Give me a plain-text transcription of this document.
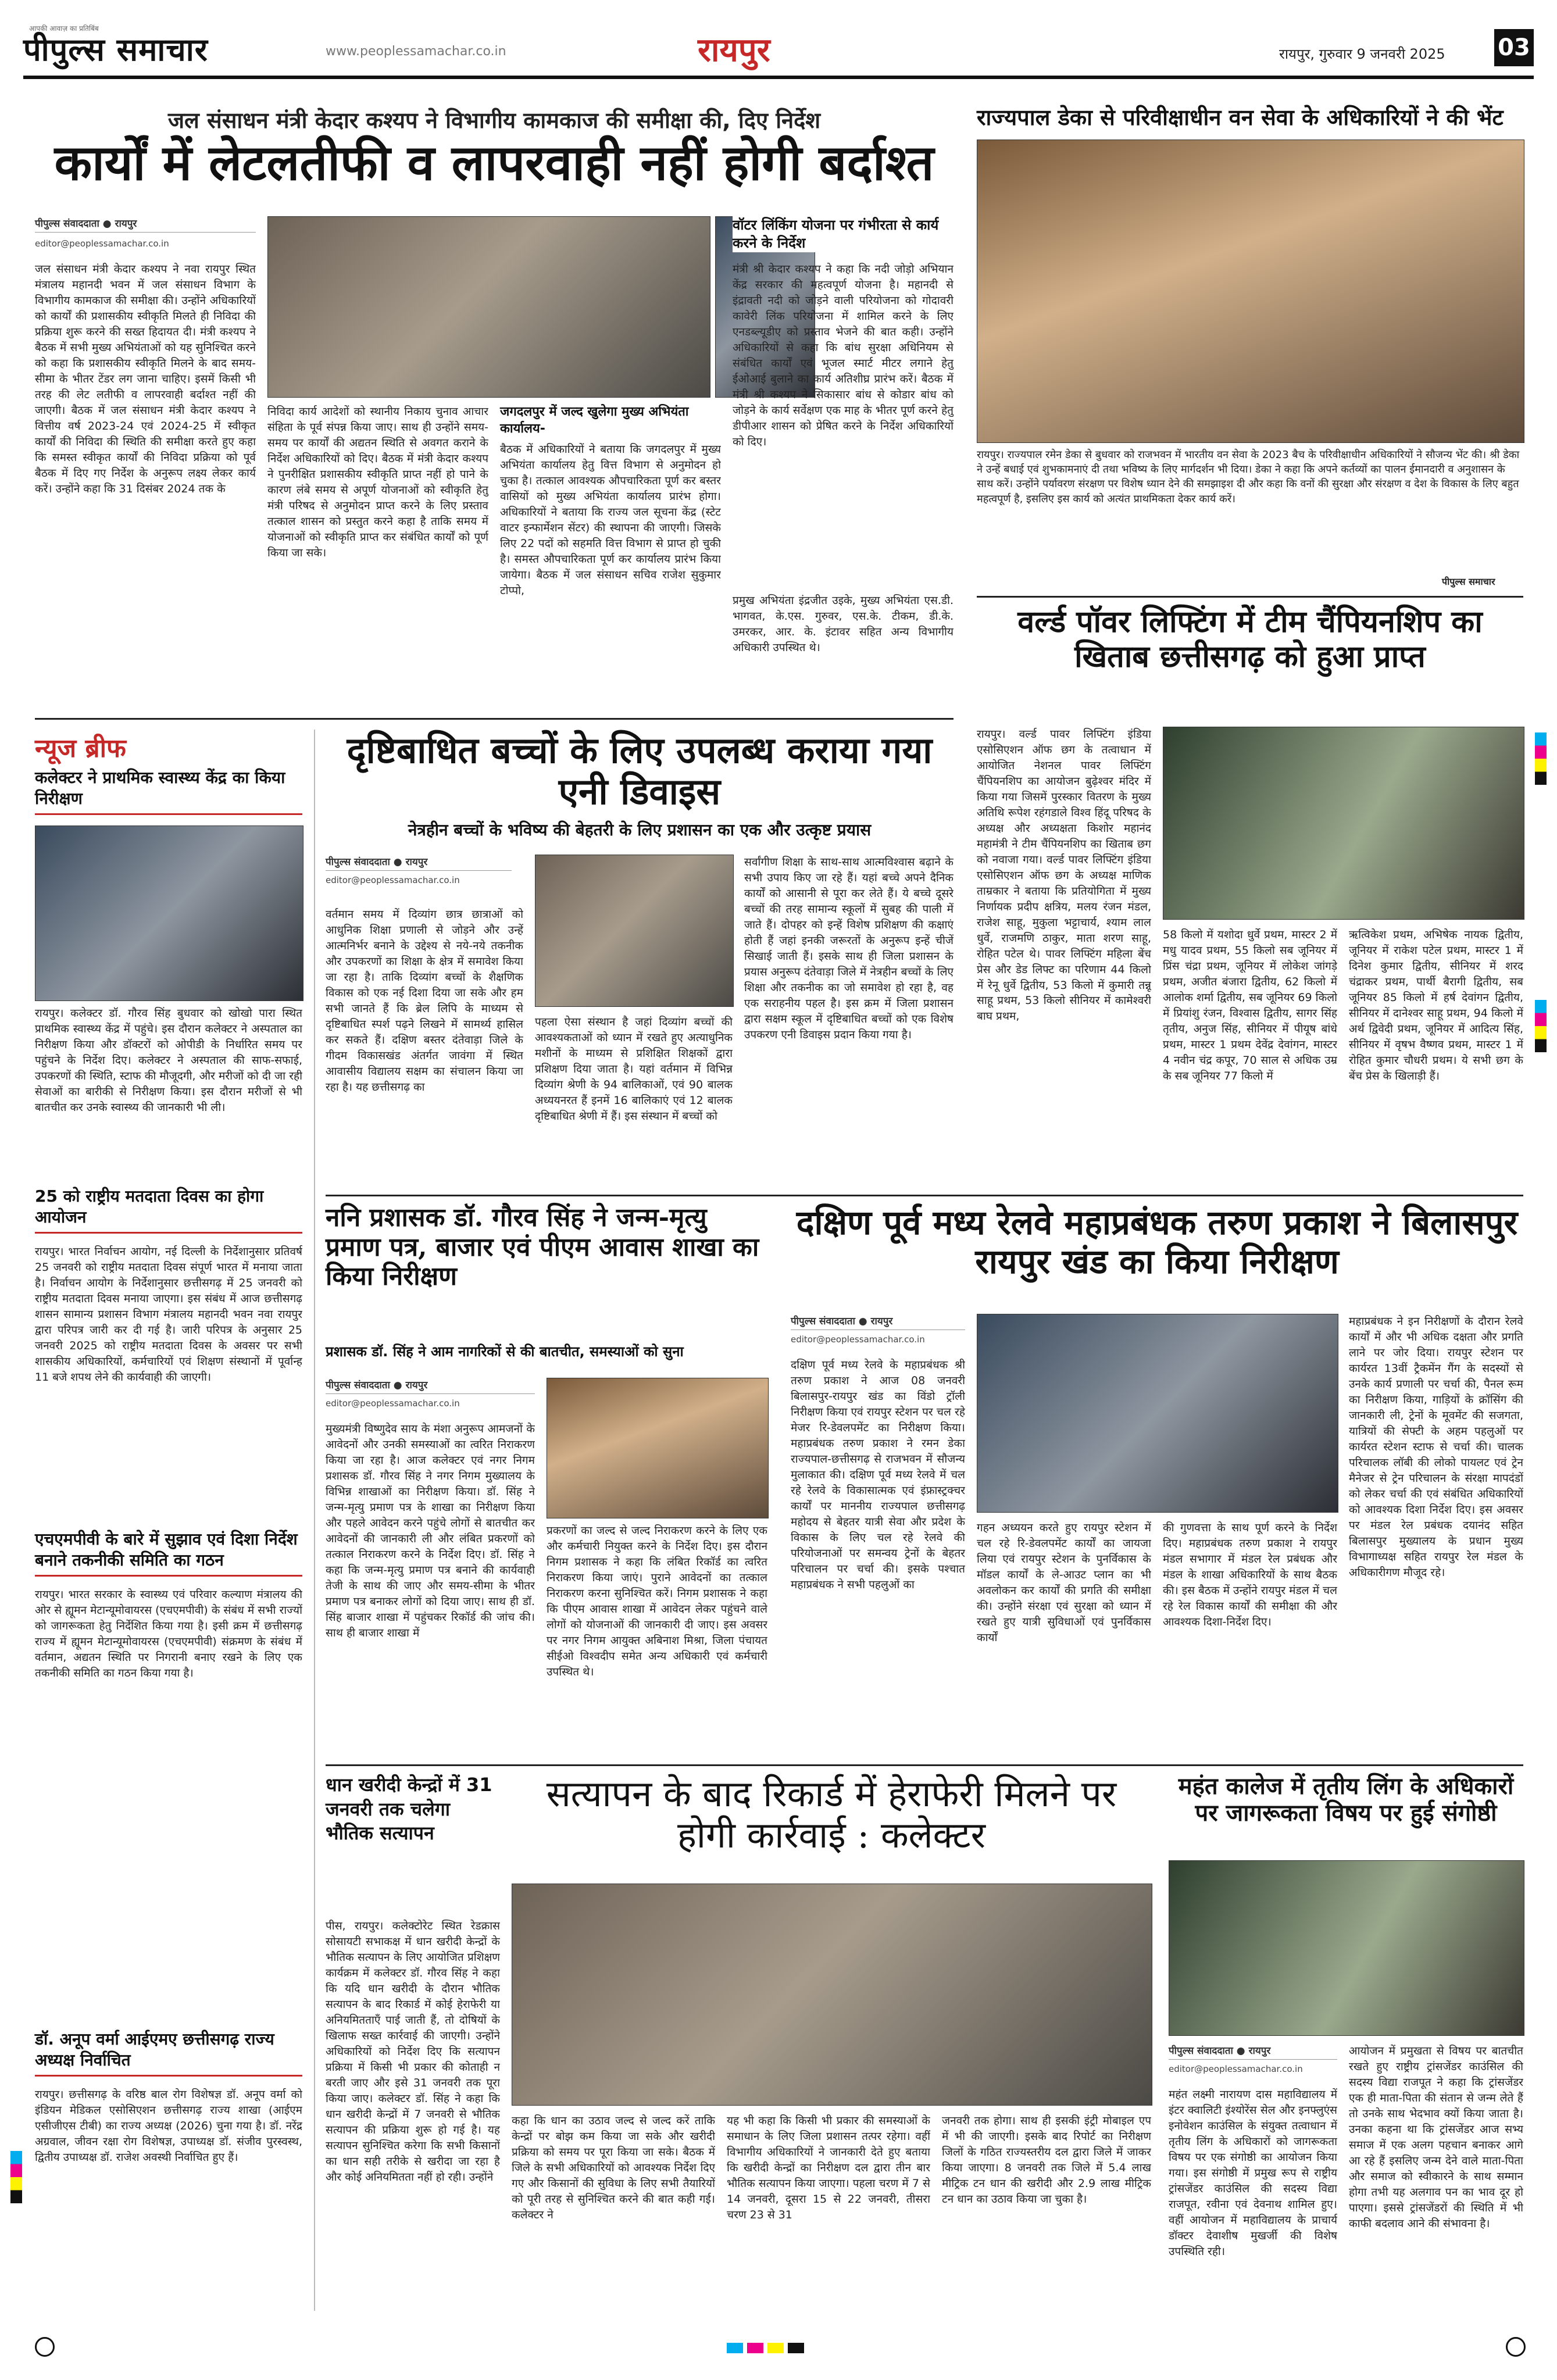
आपकी आवाज़ का प्रतिबिंब
पीपुल्स समाचार	www.peoplessamachar.co.in	रायपुर	रायपुर, गुरुवार 9 जनवरी 2025 03
जल संसाधन मंत्री केदार कश्यप ने विभागीय कामकाज की समीक्षा की, दिए निर्देश
कार्यों में लेटलतीफी व लापरवाही नहीं होगी बर्दाश्त
पीपुल्स संवाददाता ● रायपुर
editor@peoplessamachar.co.in
जल संसाधन मंत्री केदार कश्यप ने नवा रायपुर स्थित मंत्रालय महानदी भवन में जल संसाधन विभाग के विभागीय कामकाज की समीक्षा की। उन्होंने अधिकारियों को कार्यों की प्रशासकीय स्वीकृति मिलते ही निविदा की प्रक्रिया शुरू करने की सख्त हिदायत दी। मंत्री कश्यप ने बैठक में सभी मुख्य अभियंताओं को यह सुनिश्चित करने को कहा कि प्रशासकीय स्वीकृति मिलने के बाद समय-सीमा के भीतर टेंडर लग जाना चाहिए। इसमें किसी भी तरह की लेट लतीफी व लापरवाही बर्दाश्त नहीं की जाएगी। बैठक में जल संसाधन मंत्री केदार कश्यप ने वित्तीय वर्ष 2023-24 एवं 2024-25 में स्वीकृत कार्यों की निविदा की स्थिति की समीक्षा करते हुए कहा कि समस्त स्वीकृत कार्यों की निविदा प्रक्रिया को पूर्व बैठक में दिए गए निर्देश के अनुरूप लक्ष्य लेकर कार्य करें। उन्होंने कहा कि 31 दिसंबर 2024 तक के
निविदा कार्य आदेशों को स्थानीय निकाय चुनाव आचार संहिता के पूर्व संपन्न किया जाए। साथ ही उन्होंने समय-समय पर कार्यों की अद्यतन स्थिति से अवगत कराने के निर्देश अधिकारियों को दिए। बैठक में मंत्री केदार कश्यप ने पुनरीक्षित प्रशासकीय स्वीकृति प्राप्त नहीं हो पाने के कारण लंबे समय से अपूर्ण योजनाओं को स्वीकृति हेतु मंत्री परिषद से अनुमोदन प्राप्त करने के लिए प्रस्ताव तत्काल शासन को प्रस्तुत करने कहा है ताकि समय में योजनाओं को स्वीकृति प्राप्त कर संबंधित कार्यों को पूर्ण किया जा सके।
जगदलपुर में जल्द खुलेगा मुख्य अभियंता कार्यालय-
बैठक में अधिकारियों ने बताया कि जगदलपुर में मुख्य अभियंता कार्यालय हेतु वित्त विभाग से अनुमोदन हो चुका है। तत्काल आवश्यक औपचारिकता पूर्ण कर बस्तर वासियों को मुख्य अभियंता कार्यालय प्रारंभ होगा। अधिकारियों ने बताया कि राज्य जल सूचना केंद्र (स्टेट वाटर इन्फार्मेशन सेंटर) की स्थापना की जाएगी। जिसके लिए 22 पदों को सहमति वित्त विभाग से प्राप्त हो चुकी है। समस्त औपचारिकता पूर्ण कर कार्यालय प्रारंभ किया जायेगा। बैठक में जल संसाधन सचिव राजेश सुकुमार टोप्पो,
वॉटर लिंकिंग योजना पर गंभीरता से कार्य करने के निर्देश
मंत्री श्री केदार कश्यप ने कहा कि नदी जोड़ो अभियान केंद्र सरकार की महत्वपूर्ण योजना है। महानदी से इंद्रावती नदी को जोड़ने वाली परियोजना को गोदावरी कावेरी लिंक परियोजना में शामिल करने के लिए एनडब्ल्यूडीए को प्रस्ताव भेजने की बात कही। उन्होंने अधिकारियों से कहा कि बांध सुरक्षा अधिनियम से संबंधित कार्यों एवं भूजल स्मार्ट मीटर लगाने हेतु ईओआई बुलाने का कार्य अतिशीघ्र प्रारंभ करें। बैठक में मंत्री श्री कश्यप ने सिकासार बांध से कोडार बांध को जोड़ने के कार्य सर्वेक्षण एक माह के भीतर पूर्ण करने हेतु डीपीआर शासन को प्रेषित करने के निर्देश अधिकारियों को दिए।
प्रमुख अभियंता इंद्रजीत उइके, मुख्य अभियंता एस.डी. भागवत, के.एस. गुरुवर, एस.के. टीकम, डी.के. उमरकर, आर. के. इंटावर सहित अन्य विभागीय अधिकारी उपस्थित थे।
राज्यपाल डेका से परिवीक्षाधीन वन सेवा के अधिकारियों ने की भेंट
रायपुर। राज्यपाल रमेन डेका से बुधवार को राजभवन में भारतीय वन सेवा के 2023 बैच के परिवीक्षाधीन अधिकारियों ने सौजन्य भेंट की। श्री डेका ने उन्हें बधाई एवं शुभकामनाएं दी तथा भविष्य के लिए मार्गदर्शन भी दिया। डेका ने कहा कि अपने कर्तव्यों का पालन ईमानदारी व अनुशासन के साथ करें। उन्होंने पर्यावरण संरक्षण पर विशेष ध्यान देने की समझाइश दी और कहा कि वनों की सुरक्षा और संरक्षण व देश के विकास के लिए बहुत महत्वपूर्ण है, इसलिए इस कार्य को अत्यंत प्राथमिकता देकर कार्य करें।
पीपुल्स समाचार
वर्ल्ड पॉवर लिफ्टिंग में टीम चैंपियनशिप का खिताब छत्तीसगढ़ को हुआ प्राप्त
रायपुर। वर्ल्ड पावर लिफ्टिंग इंडिया एसोसिएशन ऑफ छग के तत्वाधान में आयोजित नेशनल पावर लिफ्टिंग चैंपियनशिप का आयोजन बुढ़ेश्वर मंदिर में किया गया जिसमें पुरस्कार वितरण के मुख्य अतिथि रूपेश रहंगडाले विश्व हिंदू परिषद के अध्यक्ष और अध्यक्षता किशोर महानंद महामंत्री ने टीम चैंपियनशिप का खिताब छग को नवाजा गया। वर्ल्ड पावर लिफ्टिंग इंडिया एसोसिएशन ऑफ छग के अध्यक्ष माणिक ताम्रकार ने बताया कि प्रतियोगिता में मुख्य निर्णायक प्रदीप क्षत्रिय, मलय रंजन मंडल, राजेश साहू, मुकुला भट्टाचार्य, श्याम लाल धुर्वे, राजमणि ठाकुर, माता शरण साहू, रोहित पटेल थे। पावर लिफ्टिंग महिला बेंच प्रेस और डेड लिफ्ट का परिणाम 44 किलो में रेनू धुर्वे द्वितीय, 53 किलो में कुमारी तन्नू साहू प्रथम, 53 किलो सीनियर में कामेश्वरी बाघ प्रथम,
58 किलो में यशोदा धुर्वे प्रथम, मास्टर 2 में मधु यादव प्रथम, 55 किलो सब जूनियर में प्रिंस चंद्रा प्रथम, जूनियर में लोकेश जांगड़े प्रथम, अजीत बंजारा द्वितीय, 62 किलो में आलोक शर्मा द्वितीय, सब जूनियर 69 किलो में प्रियांशु रंजन, विश्वास द्वितीय, सागर सिंह तृतीय, अनुज सिंह, सीनियर में पीयूष बांधे प्रथम, मास्टर 1 प्रथम देवेंद्र देवांगन, मास्टर 4 नवीन चंद्र कपूर, 70 साल से अधिक उम्र के सब जूनियर 77 किलो में
ऋत्विकेश प्रथम, अभिषेक नायक द्वितीय, जूनियर में राकेश पटेल प्रथम, मास्टर 1 में दिनेश कुमार द्वितीय, सीनियर में शरद चंद्राकर प्रथम, पार्थी बैरागी द्वितीय, सब जूनियर 85 किलो में हर्ष देवांगन द्वितीय, सीनियर में दानेश्वर साहू प्रथम, 94 किलो में अर्थ द्विवेदी प्रथम, जूनियर में आदित्य सिंह, सीनियर में वृषभ वैष्णव प्रथम, मास्टर 1 में रोहित कुमार चौधरी प्रथम। ये सभी छग के बेंच प्रेस के खिलाड़ी हैं।
न्यूज ब्रीफ
कलेक्टर ने प्राथमिक स्वास्थ्य केंद्र का किया निरीक्षण
रायपुर। कलेक्टर डॉ. गौरव सिंह बुधवार को खोखो पारा स्थित प्राथमिक स्वास्थ्य केंद्र में पहुंचे। इस दौरान कलेक्टर ने अस्पताल का निरीक्षण किया और डॉक्टरों को ओपीडी के निर्धारित समय पर पहुंचने के निर्देश दिए। कलेक्टर ने अस्पताल की साफ-सफाई, उपकरणों की स्थिति, स्टाफ की मौजूदगी, और मरीजों को दी जा रही सेवाओं का बारीकी से निरीक्षण किया। इस दौरान मरीजों से भी बातचीत कर उनके स्वास्थ्य की जानकारी भी ली।
25 को राष्ट्रीय मतदाता दिवस का होगा आयोजन
रायपुर। भारत निर्वाचन आयोग, नई दिल्ली के निर्देशानुसार प्रतिवर्ष 25 जनवरी को राष्ट्रीय मतदाता दिवस संपूर्ण भारत में मनाया जाता है। निर्वाचन आयोग के निर्देशानुसार छत्तीसगढ़ में 25 जनवरी को राष्ट्रीय मतदाता दिवस मनाया जाएगा। इस संबंध में आज छत्तीसगढ़ शासन सामान्य प्रशासन विभाग मंत्रालय महानदी भवन नवा रायपुर द्वारा परिपत्र जारी कर दी गई है। जारी परिपत्र के अनुसार 25 जनवरी 2025 को राष्ट्रीय मतदाता दिवस के अवसर पर सभी शासकीय अधिकारियों, कर्मचारियों एवं शिक्षण संस्थानों में पूर्वान्ह 11 बजे शपथ लेने की कार्यवाही की जाएगी।
एचएमपीवी के बारे में सुझाव एवं दिशा निर्देश बनाने तकनीकी समिति का गठन
रायपुर। भारत सरकार के स्वास्थ्य एवं परिवार कल्याण मंत्रालय की ओर से ह्यूमन मेटान्यूमोवायरस (एचएमपीवी) के संबंध में सभी राज्यों को जागरूकता हेतु निर्देशित किया गया है। इसी क्रम में छत्तीसगढ़ राज्य में ह्यूमन मेटान्यूमोवायरस (एचएमपीवी) संक्रमण के संबंध में वर्तमान, अद्यतन स्थिति पर निगरानी बनाए रखने के लिए एक तकनीकी समिति का गठन किया गया है।
डॉ. अनूप वर्मा आईएमए छत्तीसगढ़ राज्य अध्यक्ष निर्वाचित
रायपुर। छत्तीसगढ़ के वरिष्ठ बाल रोग विशेषज्ञ डॉ. अनूप वर्मा को इंडियन मेडिकल एसोसिएशन छत्तीसगढ़ राज्य शाखा (आईएम एसीजीएस टीबी) का राज्य अध्यक्ष (2026) चुना गया है। डॉ. नरेंद्र अग्रवाल, जीवन रक्षा रोग विशेषज्ञ, उपाध्यक्ष डॉ. संजीव पुरस्वस्थ, द्वितीय उपाध्यक्ष डॉ. राजेश अवस्थी निर्वाचित हुए हैं।
दृष्टिबाधित बच्चों के लिए उपलब्ध कराया गया एनी डिवाइस
नेत्रहीन बच्चों के भविष्य की बेहतरी के लिए प्रशासन का एक और उत्कृष्ट प्रयास
पीपुल्स संवाददाता ● रायपुर
editor@peoplessamachar.co.in
वर्तमान समय में दिव्यांग छात्र छात्राओं को आधुनिक शिक्षा प्रणाली से जोड़ने और उन्हें आत्मनिर्भर बनाने के उद्देश्य से नये-नये तकनीक और उपकरणों का शिक्षा के क्षेत्र में समावेश किया जा रहा है। ताकि दिव्यांग बच्चों के शैक्षणिक विकास को एक नई दिशा दिया जा सके और हम सभी जानते हैं कि ब्रेल लिपि के माध्यम से दृष्टिबाधित स्पर्श पढ़ने लिखने में सामर्थ्य हासिल कर सकते हैं। दक्षिण बस्तर दंतेवाड़ा जिले के गीदम विकासखंड अंतर्गत जावंगा में स्थित आवासीय विद्यालय सक्षम का संचालन किया जा रहा है। यह छत्तीसगढ़ का
पहला ऐसा संस्थान है जहां दिव्यांग बच्चों की आवश्यकताओं को ध्यान में रखते हुए अत्याधुनिक मशीनों के माध्यम से प्रशिक्षित शिक्षकों द्वारा प्रशिक्षण दिया जाता है। यहां वर्तमान में विभिन्न दिव्यांग श्रेणी के 94 बालिकाओं, एवं 90 बालक अध्ययनरत हैं इनमें 16 बालिकाएं एवं 12 बालक दृष्टिबाधित श्रेणी में हैं। इस संस्थान में बच्चों को
सर्वांगीण शिक्षा के साथ-साथ आत्मविश्वास बढ़ाने के सभी उपाय किए जा रहे हैं। यहां बच्चे अपने दैनिक कार्यों को आसानी से पूरा कर लेते हैं। ये बच्चे दूसरे बच्चों की तरह सामान्य स्कूलों में सुबह की पाली में जाते हैं। दोपहर को इन्हें विशेष प्रशिक्षण की कक्षाएं होती हैं जहां इनकी जरूरतों के अनुरूप इन्हें चीजें सिखाई जाती हैं। इसके साथ ही जिला प्रशासन के प्रयास अनुरूप दंतेवाड़ा जिले में नेत्रहीन बच्चों के लिए शिक्षा और तकनीक का जो समावेश हो रहा है, वह एक सराहनीय पहल है। इस क्रम में जिला प्रशासन द्वारा सक्षम स्कूल में दृष्टिबाधित बच्चों को एक विशेष उपकरण एनी डिवाइस प्रदान किया गया है।
ननि प्रशासक डॉ. गौरव सिंह ने जन्म-मृत्यु प्रमाण पत्र, बाजार एवं पीएम आवास शाखा का किया निरीक्षण
प्रशासक डॉ. सिंह ने आम नागरिकों से की बातचीत, समस्याओं को सुना
पीपुल्स संवाददाता ● रायपुर
editor@peoplessamachar.co.in
मुख्यमंत्री विष्णुदेव साय के मंशा अनुरूप आमजनों के आवेदनों और उनकी समस्याओं का त्वरित निराकरण किया जा रहा है। आज कलेक्टर एवं नगर निगम प्रशासक डॉ. गौरव सिंह ने नगर निगम मुख्यालय के विभिन्न शाखाओं का निरीक्षण किया। डॉ. सिंह ने जन्म-मृत्यु प्रमाण पत्र के शाखा का निरीक्षण किया और पहले आवेदन करने पहुंचे लोगों से बातचीत कर आवेदनों की जानकारी ली और लंबित प्रकरणों को तत्काल निराकरण करने के निर्देश दिए। डॉ. सिंह ने कहा कि जन्म-मृत्यु प्रमाण पत्र बनाने की कार्यवाही तेजी के साथ की जाए और समय-सीमा के भीतर प्रमाण पत्र बनाकर लोगों को दिया जाए। साथ ही डॉ. सिंह बाजार शाखा में पहुंचकर रिकॉर्ड की जांच की। साथ ही बाजार शाखा में
प्रकरणों का जल्द से जल्द निराकरण करने के लिए एक और कर्मचारी नियुक्त करने के निर्देश दिए। इस दौरान निगम प्रशासक ने कहा कि लंबित रिकॉर्ड का त्वरित निराकरण किया जाएं। पुराने आवेदनों का तत्काल निराकरण करना सुनिश्चित करें। निगम प्रशासक ने कहा कि पीएम आवास शाखा में आवेदन लेकर पहुंचने वाले लोगों को योजनाओं की जानकारी दी जाए। इस अवसर पर नगर निगम आयुक्त अबिनाश मिश्रा, जिला पंचायत सीईओ विश्वदीप समेत अन्य अधिकारी एवं कर्मचारी उपस्थित थे।
दक्षिण पूर्व मध्य रेलवे महाप्रबंधक तरुण प्रकाश ने बिलासपुर रायपुर खंड का किया निरीक्षण
पीपुल्स संवाददाता ● रायपुर
editor@peoplessamachar.co.in
दक्षिण पूर्व मध्य रेलवे के महाप्रबंधक श्री तरुण प्रकाश ने आज 08 जनवरी बिलासपुर-रायपुर खंड का विंडो ट्रॉली निरीक्षण किया एवं रायपुर स्टेशन पर चल रहे मेजर रि-डेवलपमेंट का निरीक्षण किया। महाप्रबंधक तरुण प्रकाश ने रमन डेका राज्यपाल-छत्तीसगढ़ से राजभवन में सौजन्य मुलाकात की। दक्षिण पूर्व मध्य रेलवे में चल रहे रेलवे के विकासात्मक एवं इंफ्रास्ट्रक्चर कार्यों पर माननीय राज्यपाल छत्तीसगढ़ महोदय से बेहतर यात्री सेवा और प्रदेश के विकास के लिए चल रहे रेलवे की परियोजनाओं पर समन्वय ट्रेनों के बेहतर परिचालन पर चर्चा की। इसके पश्चात महाप्रबंधक ने सभी पहलुओं का
गहन अध्ययन करते हुए रायपुर स्टेशन में चल रहे रि-डेवलपमेंट कार्यों का जायजा लिया एवं रायपुर स्टेशन के पुनर्विकास के मॉडल कार्यों के ले-आउट प्लान का भी अवलोकन कर कार्यों की प्रगति की समीक्षा की। उन्होंने संरक्षा एवं सुरक्षा को ध्यान में रखते हुए यात्री सुविधाओं एवं पुनर्विकास कार्यों
की गुणवत्ता के साथ पूर्ण करने के निर्देश दिए। महाप्रबंधक तरुण प्रकाश ने रायपुर मंडल सभागार में मंडल रेल प्रबंधक और मंडल के शाखा अधिकारियों के साथ बैठक की। इस बैठक में उन्होंने रायपुर मंडल में चल रहे रेल विकास कार्यों की समीक्षा की और आवश्यक दिशा-निर्देश दिए।
महाप्रबंधक ने इन निरीक्षणों के दौरान रेलवे कार्यों में और भी अधिक दक्षता और प्रगति लाने पर जोर दिया। रायपुर स्टेशन पर कार्यरत 13वीं ट्रैकमेंन गैंग के सदस्यों से उनके कार्य प्रणाली पर चर्चा की, पैनल रूम का निरीक्षण किया, गाड़ियों के क्रॉसिंग की जानकारी ली, ट्रेनों के मूवमेंट की सजगता, यात्रियों की सेफ्टी के अहम पहलुओं पर कार्यरत स्टेशन स्टाफ से चर्चा की। चालक परिचालक लॉबी की लोको पायलट एवं ट्रेन मैनेजर से ट्रेन परिचालन के संरक्षा मापदंडों को लेकर चर्चा की एवं संबंधित अधिकारियों को आवश्यक दिशा निर्देश दिए। इस अवसर पर मंडल रेल प्रबंधक दयानंद सहित बिलासपुर मुख्यालय के प्रधान मुख्य विभागाध्यक्ष सहित रायपुर रेल मंडल के अधिकारीगण मौजूद रहे।
धान खरीदी केन्द्रों में 31 जनवरी तक चलेगा भौतिक सत्यापन
सत्यापन के बाद रिकार्ड में हेराफेरी मिलने पर होगी कार्रवाई : कलेक्टर
पीस, रायपुर। कलेक्टोरेट स्थित रेडक्रास सोसायटी सभाकक्ष में धान खरीदी केन्द्रों के भौतिक सत्यापन के लिए आयोजित प्रशिक्षण कार्यक्रम में कलेक्टर डॉ. गौरव सिंह ने कहा कि यदि धान खरीदी के दौरान भौतिक सत्यापन के बाद रिकार्ड में कोई हेराफेरी या अनियमितताएँ पाई जाती हैं, तो दोषियों के खिलाफ सख्त कार्रवाई की जाएगी। उन्होंने अधिकारियों को निर्देश दिए कि सत्यापन प्रक्रिया में किसी भी प्रकार की कोताही न बरती जाए और इसे 31 जनवरी तक पूरा किया जाए। कलेक्टर डॉ. सिंह ने कहा कि धान खरीदी केन्द्रों में 7 जनवरी से भौतिक सत्यापन की प्रक्रिया शुरू हो गई है। यह सत्यापन सुनिश्चित करेगा कि सभी किसानों का धान सही तरीके से खरीदा जा रहा है और कोई अनियमितता नहीं हो रही। उन्होंने
कहा कि धान का उठाव जल्द से जल्द करें ताकि केन्द्रों पर बोझ कम किया जा सके और खरीदी प्रक्रिया को समय पर पूरा किया जा सके। बैठक में जिले के सभी अधिकारियों को आवश्यक निर्देश दिए गए और किसानों की सुविधा के लिए सभी तैयारियों को पूरी तरह से सुनिश्चित करने की बात कही गई। कलेक्टर ने
यह भी कहा कि किसी भी प्रकार की समस्याओं के समाधान के लिए जिला प्रशासन तत्पर रहेगा। वहीं विभागीय अधिकारियों ने जानकारी देते हुए बताया कि खरीदी केन्द्रों का निरीक्षण दल द्वारा तीन बार भौतिक सत्यापन किया जाएगा। पहला चरण में 7 से 14 जनवरी, दूसरा 15 से 22 जनवरी, तीसरा चरण 23 से 31
जनवरी तक होगा। साथ ही इसकी इंट्री मोबाइल एप में भी की जाएगी। इसके बाद रिपोर्ट का निरीक्षण जिलों के गठित राज्यस्तरीय दल द्वारा जिले में जाकर किया जाएगा। 8 जनवरी तक जिले में 5.4 लाख मीट्रिक टन धान की खरीदी और 2.9 लाख मीट्रिक टन धान का उठाव किया जा चुका है।
महंत कालेज में तृतीय लिंग के अधिकारों पर जागरूकता विषय पर हुई संगोष्ठी
पीपुल्स संवाददाता ● रायपुर
editor@peoplessamachar.co.in
महंत लक्ष्मी नारायण दास महाविद्यालय में इंटर क्वालिटी इंश्योरेंस सेल और इनफ्लुएंस इनोवेशन काउंसिल के संयुक्त तत्वाधान में तृतीय लिंग के अधिकारों को जागरूकता विषय पर एक संगोष्ठी का आयोजन किया गया। इस संगोष्ठी में प्रमुख रूप से राष्ट्रीय ट्रांसजेंडर काउंसिल की सदस्य विद्या राजपूत, रवीना एवं देवनाथ शामिल हुए। वहीं आयोजन में महाविद्यालय के प्राचार्य डॉक्टर देवाशीष मुखर्जी की विशेष उपस्थिति रही।
आयोजन में प्रमुखता से विषय पर बातचीत रखते हुए राष्ट्रीय ट्रांसजेंडर काउंसिल की सदस्य विद्या राजपूत ने कहा कि ट्रांसजेंडर एक ही माता-पिता की संतान से जन्म लेते हैं तो उनके साथ भेदभाव क्यों किया जाता है। उनका कहना था कि ट्रांसजेंडर आज सभ्य समाज में एक अलग पहचान बनाकर आगे आ रहे हैं इसलिए जन्म देने वाले माता-पिता और समाज को स्वीकारने के साथ सम्मान होगा तभी यह अलगाव पन का भाव दूर हो पाएगा। इससे ट्रांसजेंडरों की स्थिति में भी काफी बदलाव आने की संभावना है।
